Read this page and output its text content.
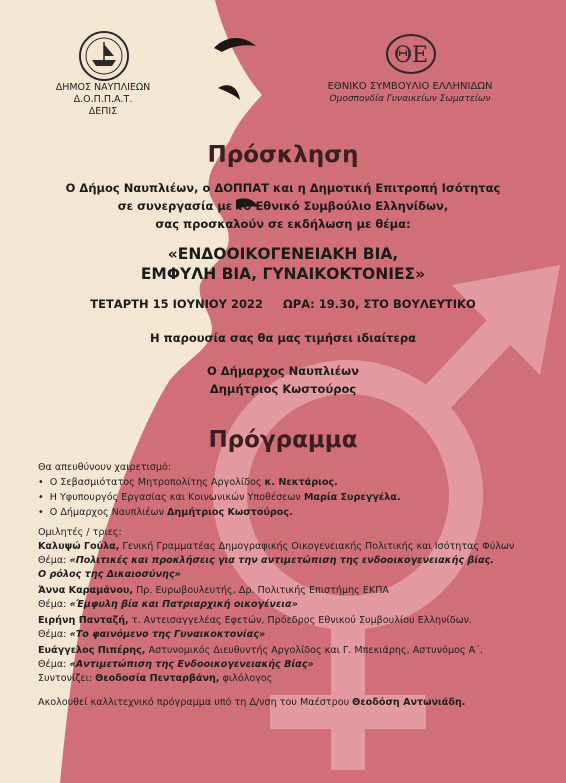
ΔΗΜΟΣ ΝΑΥΠΛΙΕΩΝ
Δ.Ο.Π.Π.Α.Τ.
ΔΕΠΙΣ
ΘΕ
ΕΘΝΙΚΟ ΣΥΜΒΟΥΛΙΟ ΕΛΛΗΝΙΔΩΝ
Ομοσπονδία Γυναικείων Σωματείων
Πρόσκληση
Ο Δήμος Ναυπλιέων, ο ΔΟΠΠΑΤ και η Δημοτική Επιτροπή Ισότητας
σε συνεργασία με το Εθνικό Συμβούλιο Ελληνίδων,
σας προσκαλούν σε εκδήλωση με θέμα:
«ΕΝΔΟΟΙΚΟΓΕΝΕΙΑΚΗ ΒΙΑ,
ΕΜΦΥΛΗ ΒΙΑ, ΓΥΝΑΙΚΟΚΤΟΝΙΕΣ»
ΤΕΤΑΡΤΗ 15 ΙΟΥΝΙΟΥ 2022     ΩΡΑ: 19.30, ΣΤΟ ΒΟΥΛΕΥΤΙΚΟ
Η παρουσία σας θα μας τιμήσει ιδιαίτερα
Ο Δήμαρχος Ναυπλιέων
Δημήτριος Κωστούρος
Πρόγραμμα
Θα απευθύνουν χαιρετισμό:
•  Ο Σεβασμιότατος Μητροπολίτης Αργολίδος κ. Νεκτάριος.
•  Η Υφυπουργός Εργασίας και Κοινωνικών Υποθέσεων Μαρία Συρεγγέλα.
•  Ο Δήμαρχος Ναυπλιέων Δημήτριος Κωστούρος.
Ομιλητές / τριες:
Καλυψώ Γούλα, Γενική Γραμματέας Δημογραφικής Οικογενειακής Πολιτικής και Ισότητας Φύλων
Θέμα: «Πολιτικές και προκλήσεις για την αντιμετώπιση της ενδοοικογενειακής βίας.
Ο ρόλος της Δικαιοσύνης»
Άννα Καραμάνου, Πρ. Ευρωβουλευτής, Δρ. Πολιτικής Επιστήμης ΕΚΠΑ
Θέμα: «Έμφυλη βία και Πατριαρχική οικογένεια»
Ειρήνη Πανταζή, τ. Αντεισαγγελέας Εφετών, Πρόεδρος Εθνικού Συμβουλίου Ελληνίδων.
Θέμα: «Το φαινόμενο της Γυναικοκτονίας»
Ευάγγελος Πιπέρης, Αστυνομικός Διευθυντής Αργολίδος και Γ. Μπεκιάρης, Αστυνόμος Α΄.
Θέμα: «Αντιμετώπιση της Ενδοοικογενειακής Βίας»
Συντονίζει: Θεοδοσία Πενταρβάνη, φιλόλογος
Ακολουθεί καλλιτεχνικό πρόγραμμα υπό τη Δ/νση του Μαέστρου Θεοδόση Αντωνιάδη.
